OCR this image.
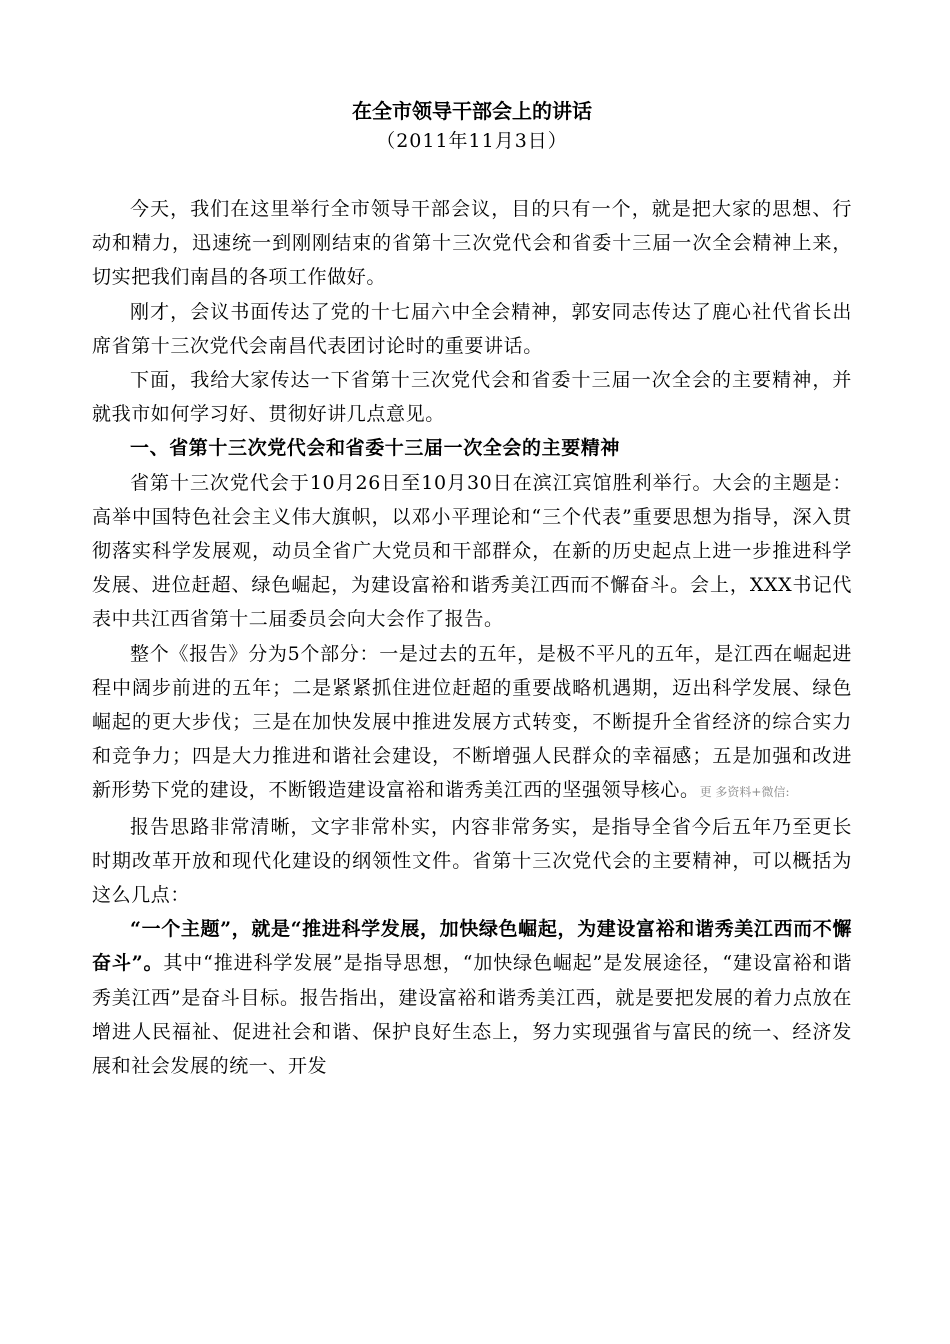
在全市领导干部会上的讲话
（2011年11月3日）

今天，我们在这里举行全市领导干部会议，目的只有一个，就是把大家的思想、行动和精力，迅速统一到刚刚结束的省第十三次党代会和省委十三届一次全会精神上来，切实把我们南昌的各项工作做好。

刚才，会议书面传达了党的十七届六中全会精神，郭安同志传达了鹿心社代省长出席省第十三次党代会南昌代表团讨论时的重要讲话。

下面，我给大家传达一下省第十三次党代会和省委十三届一次全会的主要精神，并就我市如何学习好、贯彻好讲几点意见。

一、省第十三次党代会和省委十三届一次全会的主要精神

省第十三次党代会于10月26日至10月30日在滨江宾馆胜利举行。大会的主题是：高举中国特色社会主义伟大旗帜，以邓小平理论和“三个代表”重要思想为指导，深入贯彻落实科学发展观，动员全省广大党员和干部群众，在新的历史起点上进一步推进科学发展、进位赶超、绿色崛起，为建设富裕和谐秀美江西而不懈奋斗。会上，XXX书记代表中共江西省第十二届委员会向大会作了报告。

整个《报告》分为5个部分：一是过去的五年，是极不平凡的五年，是江西在崛起进程中阔步前进的五年；二是紧紧抓住进位赶超的重要战略机遇期，迈出科学发展、绿色崛起的更大步伐；三是在加快发展中推进发展方式转变，不断提升全省经济的综合实力和竞争力；四是大力推进和谐社会建设，不断增强人民群众的幸福感；五是加强和改进新形势下党的建设，不断锻造建设富裕和谐秀美江西的坚强领导核心。更 多资料+微信:

报告思路非常清晰，文字非常朴实，内容非常务实，是指导全省今后五年乃至更长时期改革开放和现代化建设的纲领性文件。省第十三次党代会的主要精神，可以概括为这么几点：

“一个主题”，就是“推进科学发展，加快绿色崛起，为建设富裕和谐秀美江西而不懈奋斗”。其中“推进科学发展”是指导思想，“加快绿色崛起”是发展途径，“建设富裕和谐秀美江西”是奋斗目标。报告指出，建设富裕和谐秀美江西，就是要把发展的着力点放在增进人民福祉、促进社会和谐、保护良好生态上，努力实现强省与富民的统一、经济发展和社会发展的统一、开发
